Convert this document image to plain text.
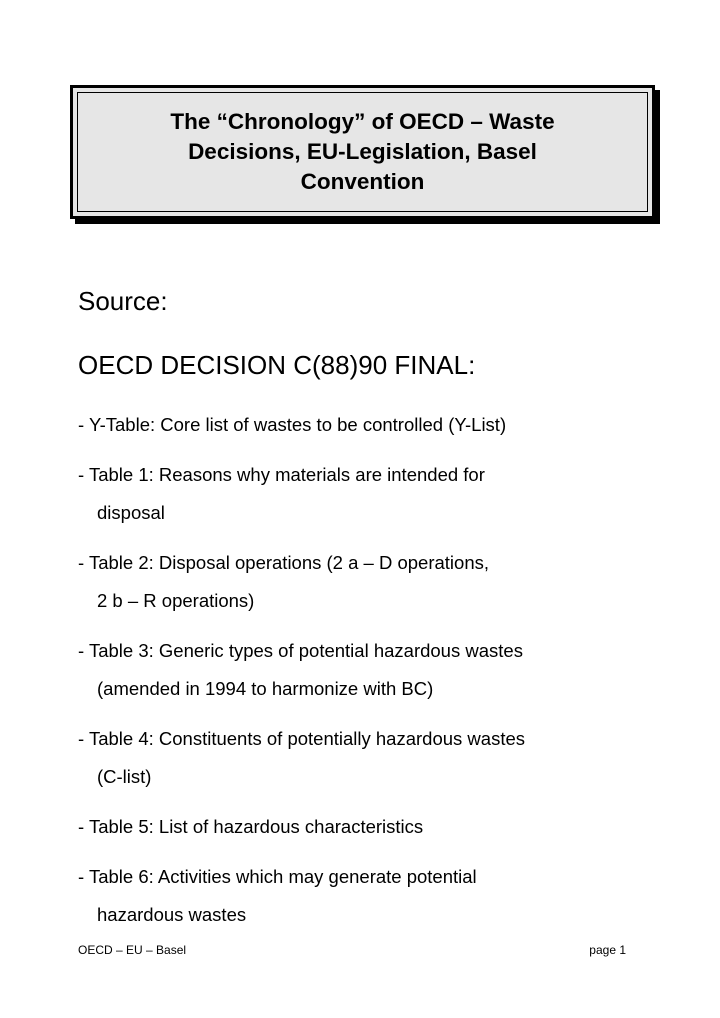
The “Chronology” of OECD – Waste
Decisions, EU-Legislation, Basel
Convention

Source:

OECD DECISION C(88)90 FINAL:

- Y-Table: Core list of wastes to be controlled (Y-List)
- Table 1: Reasons why materials are intended for
disposal
- Table 2: Disposal operations (2 a – D operations,
2 b – R operations)
- Table 3: Generic types of potential hazardous wastes
(amended in 1994 to harmonize with BC)
- Table 4: Constituents of potentially hazardous wastes
(C-list)
- Table 5: List of hazardous characteristics
- Table 6: Activities which may generate potential
hazardous wastes
OECD – EU – Basel	page 1
